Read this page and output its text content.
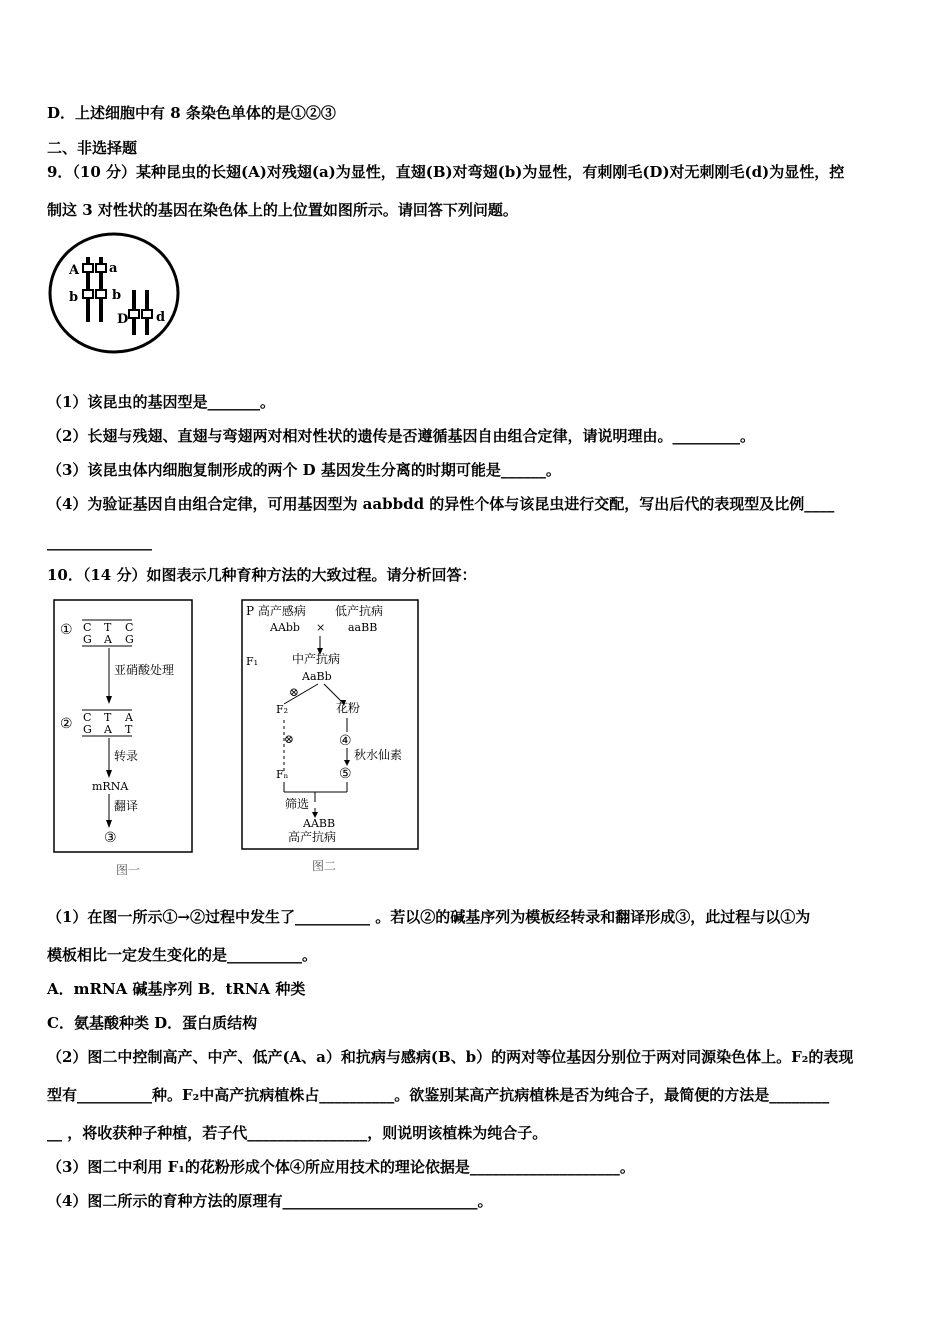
D．上述细胞中有 8 条染色单体的是①②③
二、非选择题
9．（10 分）某种昆虫的长翅(A)对残翅(a)为显性，直翅(B)对弯翅(b)为显性，有刺刚毛(D)对无刺刚毛(d)为显性，控
制这 3 对性状的基因在染色体上的上位置如图所示。请回答下列问题。
A a
b	b
D d
（1）该昆虫的基因型是_______。
（2）长翅与残翅、直翅与弯翅两对相对性状的遗传是否遵循基因自由组合定律，请说明理由。_________。
（3）该昆虫体内细胞复制形成的两个 D 基因发生分离的时期可能是______。
（4）为验证基因自由组合定律，可用基因型为 aabbdd 的异性个体与该昆虫进行交配，写出后代的表现型及比例____
______________
10．（14 分）如图表示几种育种方法的大致过程。请分析回答：
① C T C
G A G
亚硝酸处理
② C T A
G A T
转录
mRNA
翻译
③
图一
P 高产感病 低产抗病
AAbb × aaBB
F₁	中产抗病
AaBb
⊗
F₂	花粉
⊗	④
秋水仙素
Fₙ	⑤
筛选
AABB
高产抗病
图二
（1）在图一所示①→②过程中发生了__________ 。若以②的碱基序列为模板经转录和翻译形成③，此过程与以①为
模板相比一定发生变化的是__________。
A．mRNA 碱基序列 B．tRNA 种类
C．氨基酸种类 D．蛋白质结构
（2）图二中控制高产、中产、低产(A、a）和抗病与感病(B、b）的两对等位基因分别位于两对同源染色体上。F₂的表现
型有__________种。F₂中高产抗病植株占__________。欲鉴别某高产抗病植株是否为纯合子，最简便的方法是________
__ ，将收获种子种植，若子代________________，则说明该植株为纯合子。
（3）图二中利用 F₁的花粉形成个体④所应用技术的理论依据是____________________。
（4）图二所示的育种方法的原理有__________________________。
